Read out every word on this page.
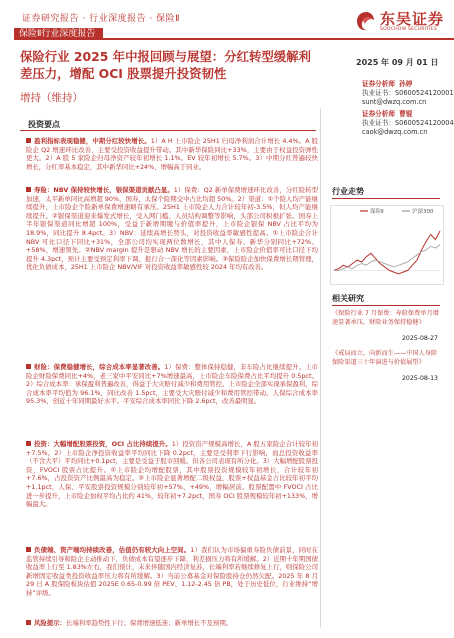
证券研究报告 · 行业深度报告 · 保险Ⅱ	东吴证券
SOOCHOW SECURITIES
保险Ⅱ行业深度报告
保险行业 2025 年中报回顾与展望：分红转型缓解利差压力，增配 OCI 股票提升投资韧性
增持（维持）
2025 年 09 月 01 日
证券分析师 孙婷
执业证书：S0600524120001
sunt@dwzq.com.cn
证券分析师 曹锟
执业证书：S0600524120004
caok@dwzq.com.cn
投资要点
盈利指标表现稳健，中期分红较快增长。1）A H 上市险企 25H1 归母净利润合计增长 4.4%。A 股险企 Q2 增速环比改善，主要受投资收益提升带动。其中新华保险同比+33%，主要由于权益投资弹性更大。2）A 股 5 家险企归母净资产较年初增长 1.1%。EV 较年初增长 5.7%。3）中期分红普遍较快增长，分红率基本稳定，其中新华同比+24%，增幅高于同业。
寿险：NBV 保持较快增长，银保渠道贡献凸显。1）保费：Q2 新单保费增速环比改善，分红险转型加速，太平新单同比高增超 90%，国寿、太保个险期交中占比均超 50%。2）渠道：①个险人均产能继续提升，上市险企个险新单保费增速略有承压。25H1 上市险企人力合计较年初-3.5%，但人均产能继续提升。②银保渠道迎来爆发式增长，受入网门槛、人员结构调整等影响，头部公司积极扩张。国寿上半年银保渠道同比增超 100%，受益于新增期缴与价值率提升，上市险企银保 NBV 占比平均为 18.9%，同比提升 8.4pct。3）NBV：延续高增长势头，对投资收益率敏感性提高。①上市险企合计 NBV 可比口径下同比+31%，全部公司均实现两位数增长，其中人保寿、新华分别同比+72%、+58%，增速领先。②NBV margin 提升是驱动 NBV 增长的主要因素，上市险企价值率可比口径下均提升 4.3pct，预计主要受预定利率下调、报行合一深化等因素影响。③保险险企加快保费增长期管理，优化负债成本，25H1 上市险企 NBV/VIF 对投资收益率敏感性较 2024 年均有改善。
财险：保费稳健增长，综合成本率显著改善。1）保费：整体保持稳健，非车险占比继续提升。上市险企财险保费同比+4%，老三家中平安同比+7%增速最高，上市险企车险保费占比平均提升 0.5pct。2）综合成本率：承保盈利普遍改善，得益于大灾赔付减少和费用管控。上市险企全部实现承保盈利，综合成本率平均值为 96.1%，同比改善 1.5pct，主要受大灾赔付减少和费用管控带动。人保综合成本率 95.3%，创近十年同期最好水平。平安综合成本率同比下降 2.6pct，改善最明显。
投资：大幅增配股票投资，OCI 占比持续提升。1）投资资产规模高增长，A 股五家险企合计较年初+7.5%。2）上市险企净投资收益率平均同比下降 0.2pct，主要是受利率下行影响，而总投资收益率（不含大平）平均同比+0.1pct，主要是受益于股市回暖。但各公司表现有所分化。3）大幅增配股票投资，FVOCI 股票占比提升。①上市险企均增配股票，其中股票投资规模较年初增长，合计较年初+7.6%，占投资资产比例最高为稳定。②上市险企显著增配二级权益，股票+权益基金占比较年初平均+1.1pct，人保、平安股票投资规模分别较年初+57%、+49%，增幅居前。股票配置中 FVOCI 占比进一步提升，上市险企加权平均占比约 41%，较年初+7.2pct，国寿 OCI 股票规模较年初+133%，增幅最大。
负债端、资产端均持续改善，估值仍有较大向上空间。1）我们认为市场偏重寿险负债前景，同时在监管持续引导和险企主动推动下，负债成本有望逐步下降，利差损压力将有所缓解。2）近期十年期国债收益率上行至 1.83%左右，我们预计，未来伴随国内经济复苏，长端利率若继续修复上行，则保险公司新增固定收益类投资收益率压力将有所缓解。3）当前公募基金对保险股持仓仍然欠配。2025 年 8 月 29 日 A 股保险板块估值 2025E 0.65-0.99 倍 PEV、1.12-2.45 倍 PB，处于历史低位，行业维持“增持”评级。
风险提示：长端利率趋势性下行；保费增速低迷；新单增长不及预期。
行业走势
保险Ⅱ	沪深300
相关研究
《保险行业 7 月保费：寿险保费单月增速显著承压，财险业务保持稳健》
2025-08-27
《戒局而立，向新而生——中国人身险保险渠道三十年演进与价值展望》
2025-08-13
